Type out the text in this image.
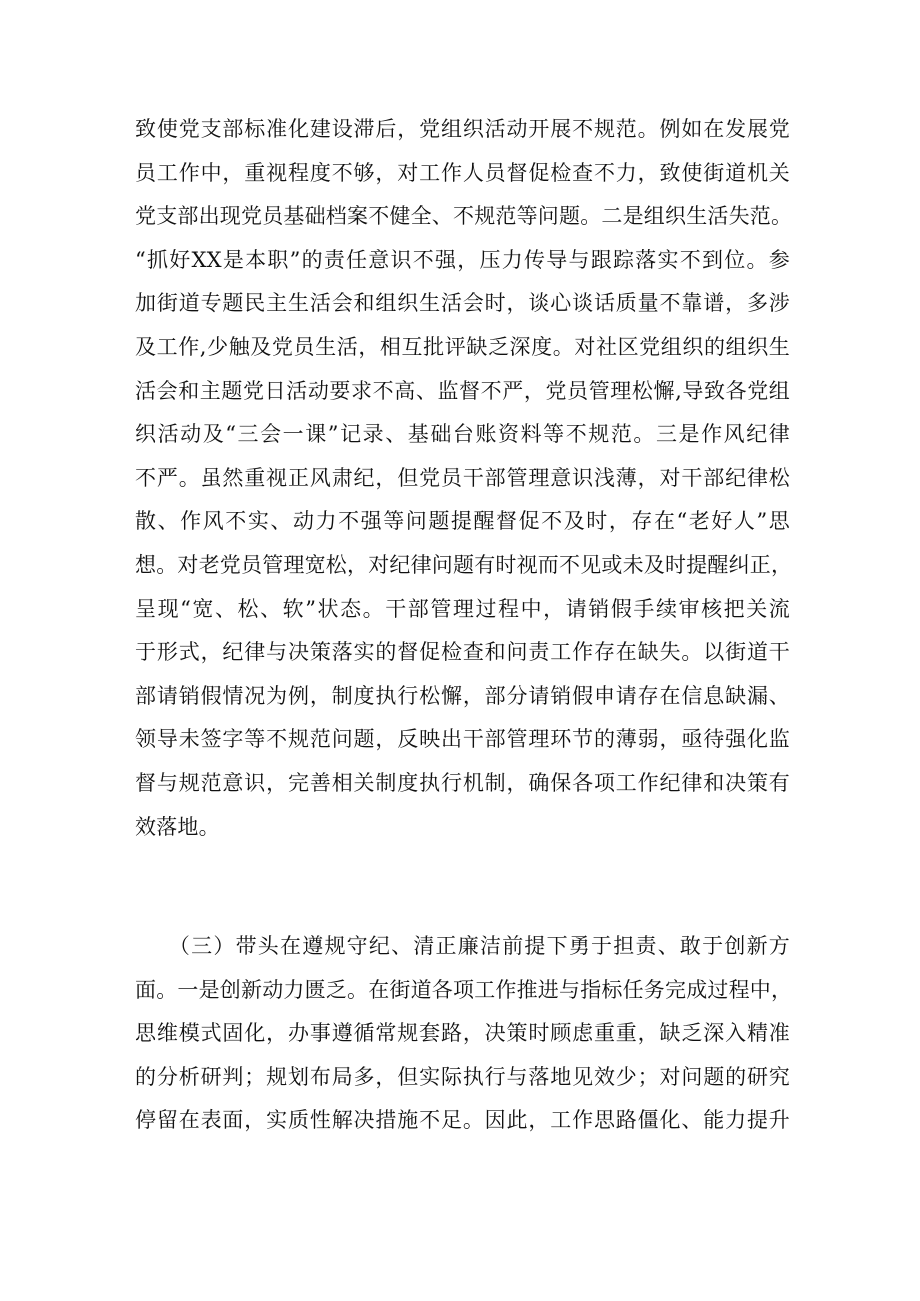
致使党支部标准化建设滞后，党组织活动开展不规范。例如在发展党
员工作中，重视程度不够，对工作人员督促检查不力，致使街道机关
党支部出现党员基础档案不健全、不规范等问题。二是组织生活失范。
“抓好XX是本职”的责任意识不强，压力传导与跟踪落实不到位。参
加街道专题民主生活会和组织生活会时，谈心谈话质量不靠谱，多涉
及工作,少触及党员生活，相互批评缺乏深度。对社区党组织的组织生
活会和主题党日活动要求不高、监督不严，党员管理松懈,导致各党组
织活动及“三会一课”记录、基础台账资料等不规范。三是作风纪律
不严。虽然重视正风肃纪，但党员干部管理意识浅薄，对干部纪律松
散、作风不实、动力不强等问题提醒督促不及时，存在“老好人”思
想。对老党员管理宽松，对纪律问题有时视而不见或未及时提醒纠正，
呈现“宽、松、软”状态。干部管理过程中，请销假手续审核把关流
于形式，纪律与决策落实的督促检查和问责工作存在缺失。以街道干
部请销假情况为例，制度执行松懈，部分请销假申请存在信息缺漏、
领导未签字等不规范问题，反映出干部管理环节的薄弱，亟待强化监
督与规范意识，完善相关制度执行机制，确保各项工作纪律和决策有
效落地。
　　（三）带头在遵规守纪、清正廉洁前提下勇于担责、敢于创新方
面。一是创新动力匮乏。在街道各项工作推进与指标任务完成过程中，
思维模式固化，办事遵循常规套路，决策时顾虑重重，缺乏深入精准
的分析研判；规划布局多，但实际执行与落地见效少；对问题的研究
停留在表面，实质性解决措施不足。因此，工作思路僵化、能力提升
